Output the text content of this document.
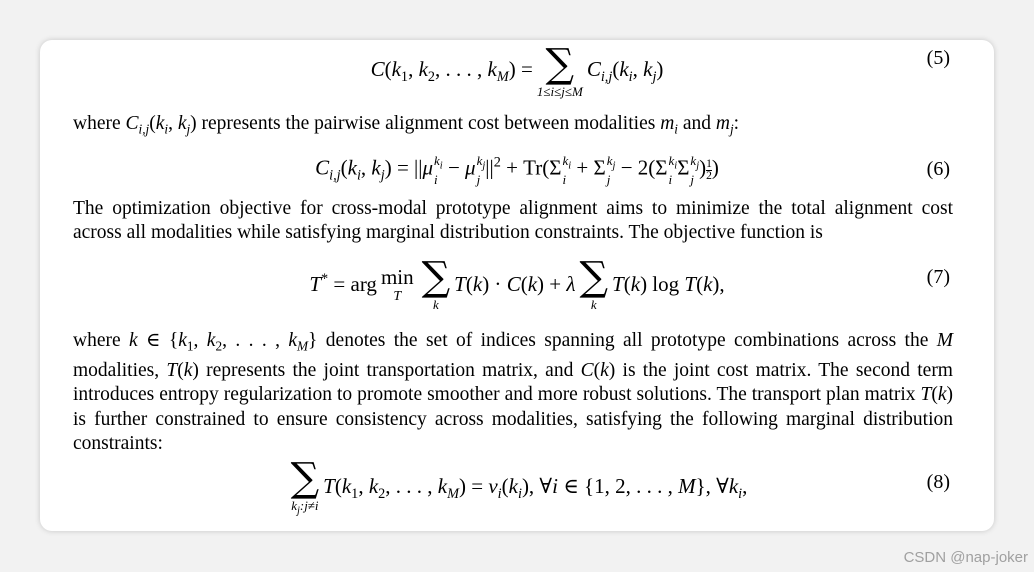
$C(k_1$, $k_2$, . . . , $k_M$) = ∑
1≤i≤j≤M
$C_{i,j}(k_i$, $k_j$)	(5)
where $C_{i,j}(k_i$, $k_j$) represents the pairwise alignment cost between modalities $m_i$ and $m_j$:
$C_{i,j}(k_i$, $k_j) = ||\mu$ $k_i$
i − μ $k_j$
j $||^2 + Tr(\Sigma$ $k_i$
i + Σ $k_j$
j − 2(Σ $k_i$
i Σ $k_j$
j ) $\frac{1}{2}$ )	(6)
The optimization objective for cross-modal prototype alignment aims to minimize the total alignment cost across all modalities while satisfying marginal distribution constraints. The objective function is
T* = arg min
T ∑
k
T(k) · C(k) + λ ∑
k
T(k) log T(k),	(7)
where k ∈ {$k_1$, $k_2$, . . . , $k_M$} denotes the set of indices spanning all prototype combinations across the M modalities, T(k) represents the joint transportation matrix, and C(k) is the joint cost matrix. The second term introduces entropy regularization to promote smoother and more robust solutions. The transport plan matrix T(k) is further constrained to ensure consistency across modalities, satisfying the following marginal distribution constraints:
∑
$k_j:j\ne i$
$T(k_1$, $k_2$, . . . , $k_M) = \nu_i(k_i)$, ∀i ∈ {1, 2, . . . , M}, $\forall k_i$,	(8)
CSDN @nap-joker
